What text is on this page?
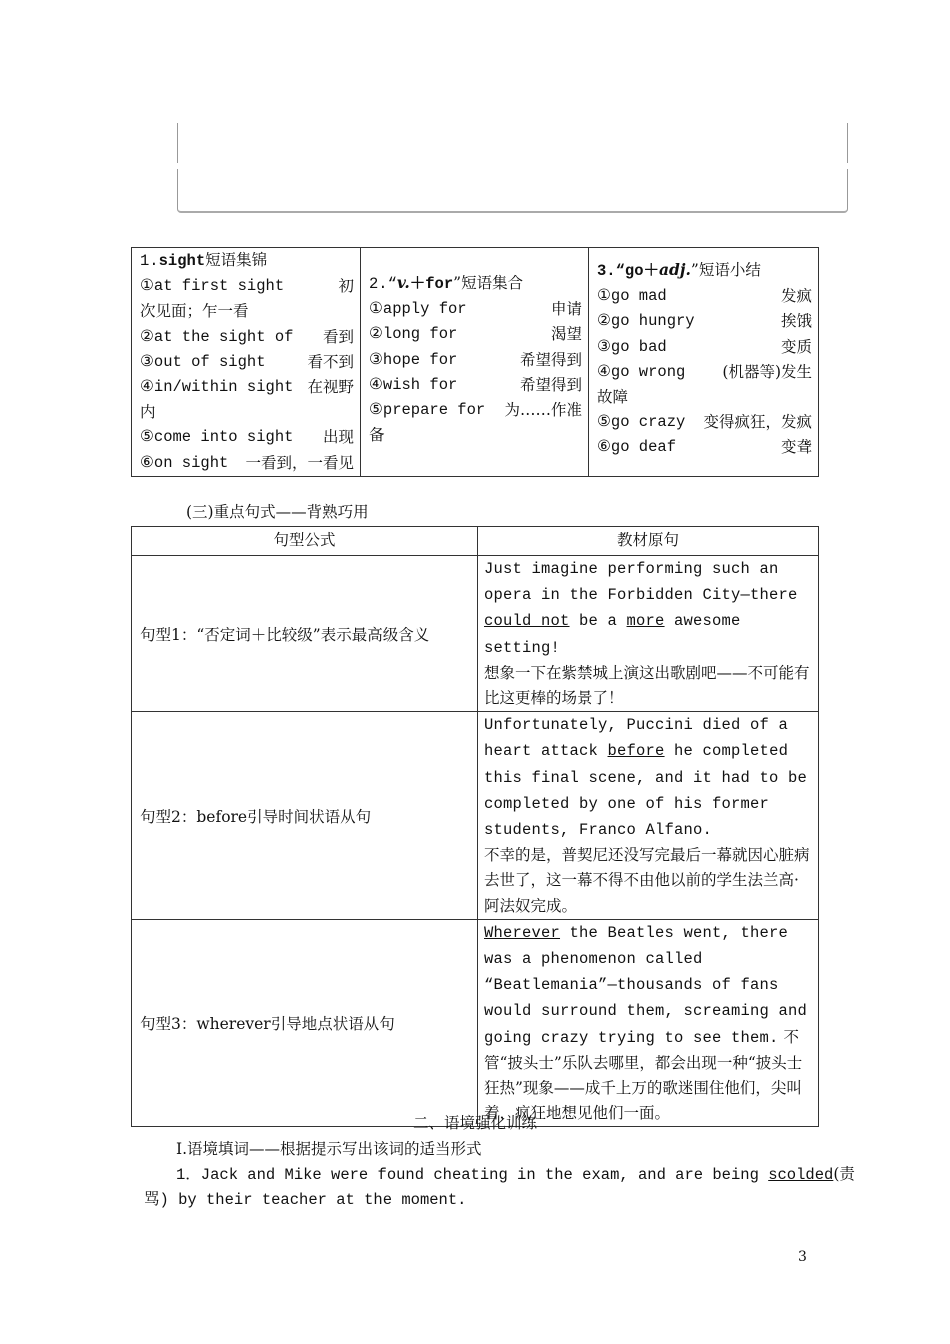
1.sight短语集锦
①at first sight	初
次见面；乍一看
②at the sight of 看到
③out of sight	看不到
④in/within sight 在视野
内
⑤come into sight 出现
⑥on sight 一看到，一看见

2.“v.＋for”短语集合
①apply for	申请
②long for	渴望
③hope for	希望得到
④wish for	希望得到
⑤prepare for 为……作准
备

3.“go＋adj.”短语小结
①go mad	发疯
②go hungry	挨饿
③go bad	变质
④go wrong (机器等)发生
故障
⑤go crazy 变得疯狂，发疯
⑥go deaf	变聋
(三)重点句式——背熟巧用
句型公式	教材原句
句型1：“否定词＋比较级”表示最高级含义	Just imagine performing such an opera in the Forbidden City—there could not be a more awesome setting!
想象一下在紫禁城上演这出歌剧吧——不可能有比这更棒的场景了！
句型2：before引导时间状语从句	Unfortunately, Puccini died of a heart attack before he completed this final scene, and it had to be completed by one of his former students, Franco Alfano.
不幸的是，普契尼还没写完最后一幕就因心脏病去世了，这一幕不得不由他以前的学生法兰高·阿法奴完成。
句型3：wherever引导地点状语从句	Wherever the Beatles went, there was a phenomenon called “Beatlemania”—thousands of fans would surround them, screaming and going crazy trying to see them. 不管“披头士”乐队去哪里，都会出现一种“披头士狂热”现象——成千上万的歌迷围住他们，尖叫着，疯狂地想见他们一面。
二、语境强化训练
Ⅰ.语境填词——根据提示写出该词的适当形式
1．Jack and Mike were found cheating in the exam, and are being scolded(责
骂) by their teacher at the moment.
3
